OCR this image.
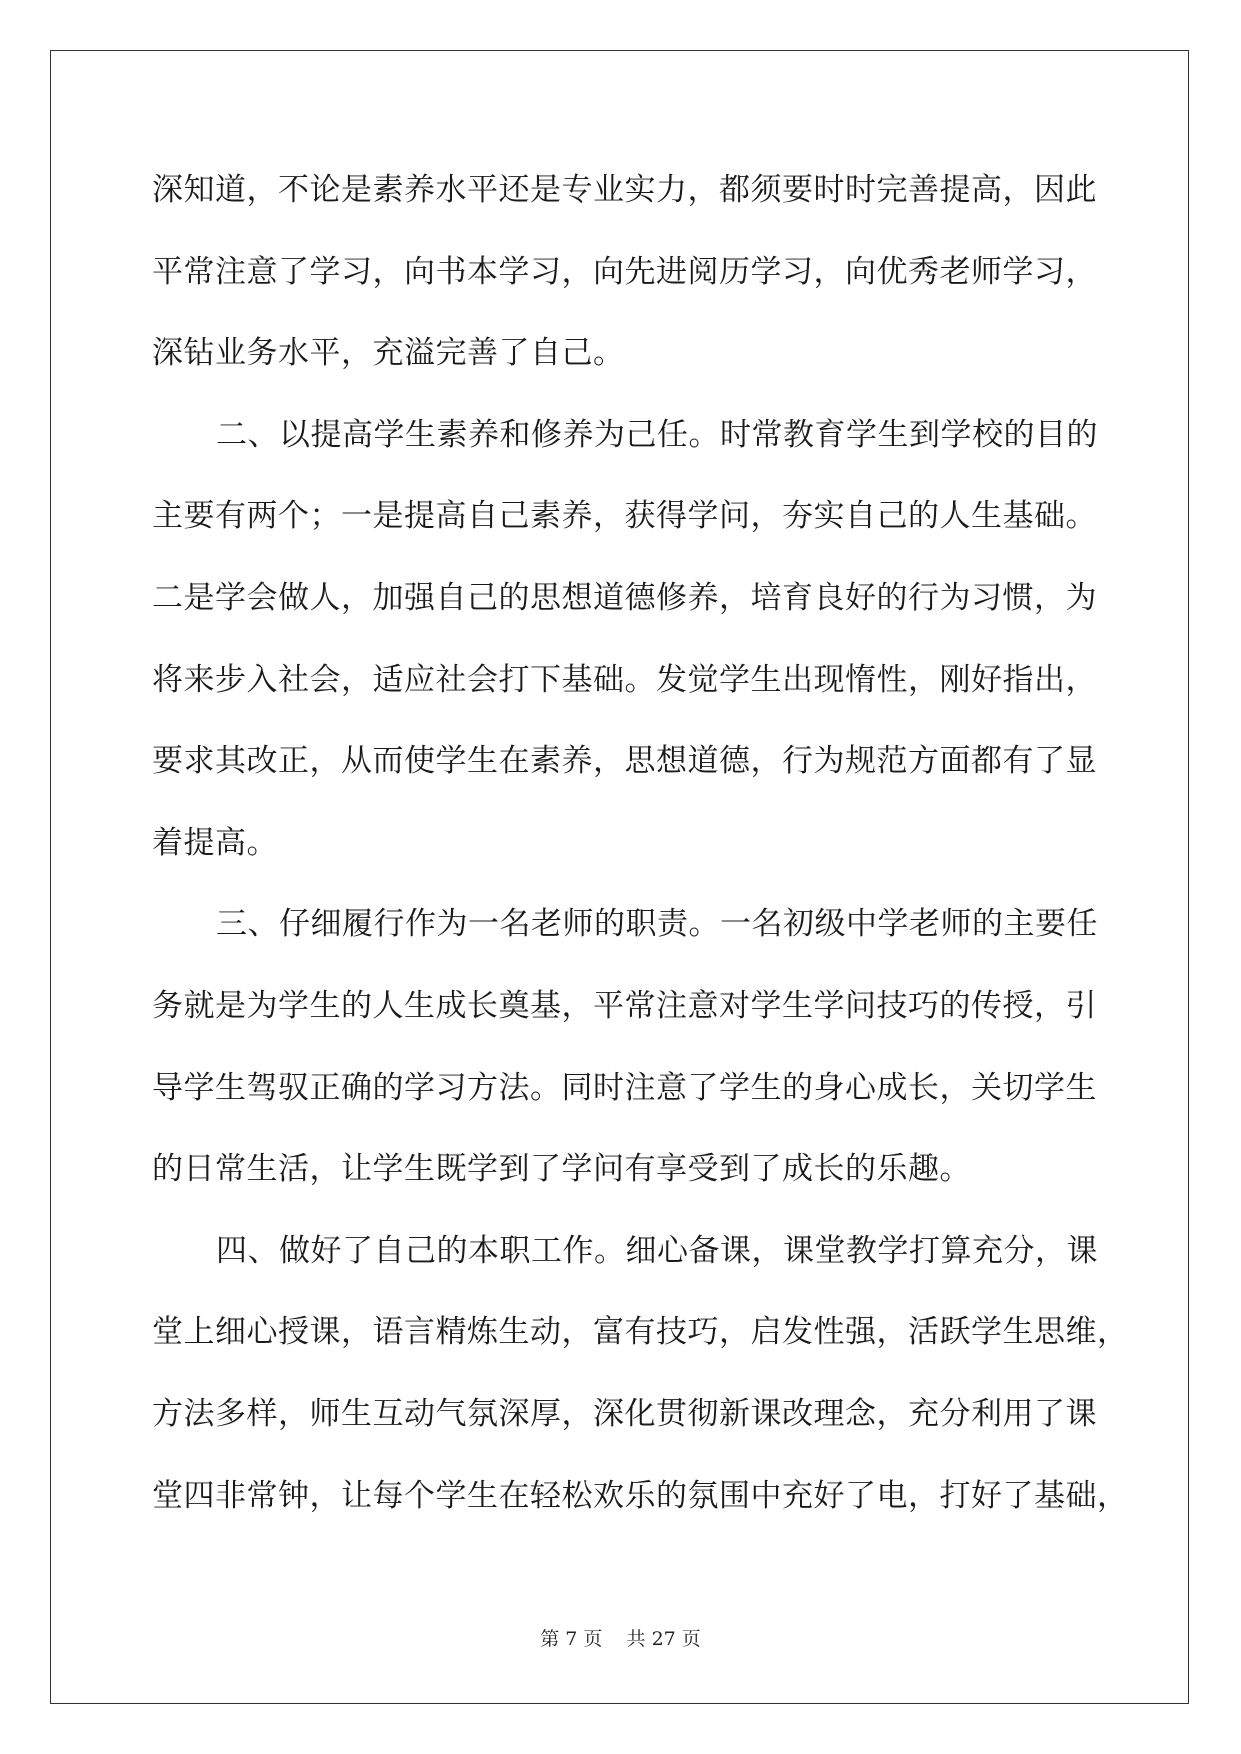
深知道，不论是素养水平还是专业实力，都须要时时完善提高，因此
平常注意了学习，向书本学习，向先进阅历学习，向优秀老师学习，
深钻业务水平，充溢完善了自己。
二、以提高学生素养和修养为己任。时常教育学生到学校的目的
主要有两个；一是提高自己素养，获得学问，夯实自己的人生基础。
二是学会做人，加强自己的思想道德修养，培育良好的行为习惯，为
将来步入社会，适应社会打下基础。发觉学生出现惰性，刚好指出，
要求其改正，从而使学生在素养，思想道德，行为规范方面都有了显
着提高。
三、仔细履行作为一名老师的职责。一名初级中学老师的主要任
务就是为学生的人生成长奠基，平常注意对学生学问技巧的传授，引
导学生驾驭正确的学习方法。同时注意了学生的身心成长，关切学生
的日常生活，让学生既学到了学问有享受到了成长的乐趣。
四、做好了自己的本职工作。细心备课，课堂教学打算充分，课
堂上细心授课，语言精炼生动，富有技巧，启发性强，活跃学生思维，
方法多样，师生互动气氛深厚，深化贯彻新课改理念，充分利用了课
堂四非常钟，让每个学生在轻松欢乐的氛围中充好了电，打好了基础，
第 7 页    共 27 页
